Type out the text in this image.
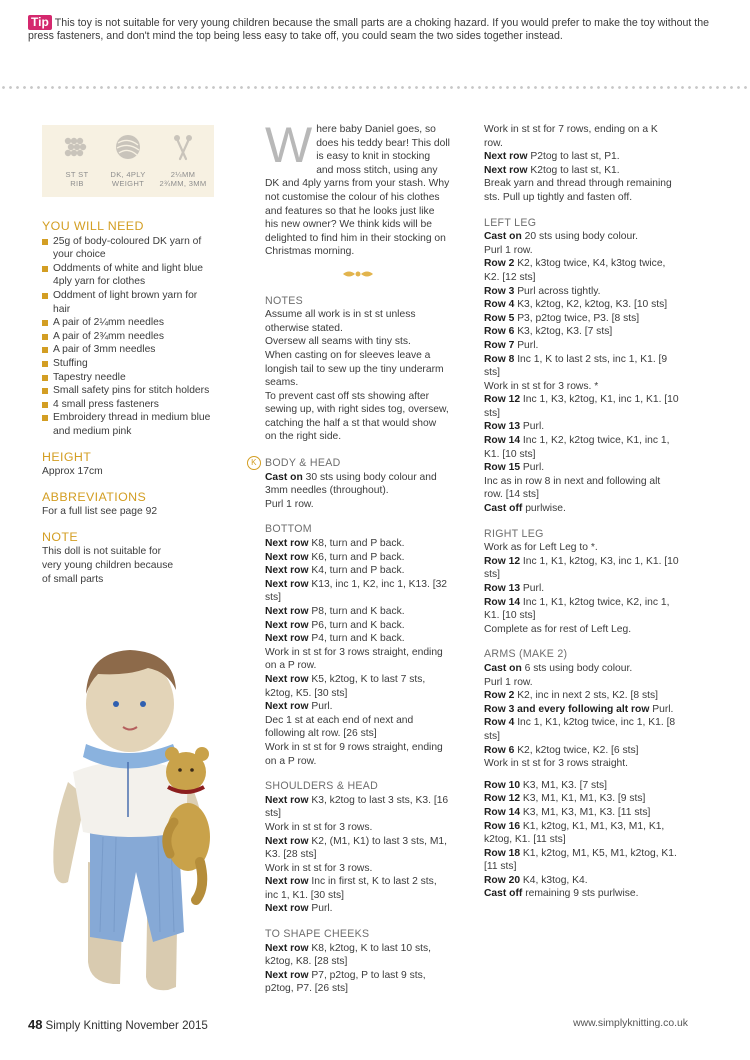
Tip This toy is not suitable for very young children because the small parts are a choking hazard. If you would prefer to make the toy without the press fasteners, and don't mind the top being less easy to take off, you could seam the two sides together instead.
ST ST
RIB
DK, 4PLY
WEIGHT
2¼MM
2¾MM, 3MM
YOU WILL NEED
25g of body-coloured DK yarn of your choice
Oddments of white and light blue 4ply yarn for clothes
Oddment of light brown yarn for hair
A pair of 2¼mm needles
A pair of 2¾mm needles
A pair of 3mm needles
Stuffing
Tapestry needle
Small safety pins for stitch holders
4 small press fasteners
Embroidery thread in medium blue and medium pink
HEIGHT
Approx 17cm
ABBREVIATIONS
For a full list see page 92
NOTE
This doll is not suitable for very young children because of small parts
Where baby Daniel goes, so does his teddy bear! This doll is easy to knit in stocking and moss stitch, using any DK and 4ply yarns from your stash. Why not customise the colour of his clothes and features so that he looks just like his new owner? We think kids will be delighted to find him in their stocking on Christmas morning.
NOTES
Assume all work is in st st unless otherwise stated.
Oversew all seams with tiny sts.
When casting on for sleeves leave a longish tail to sew up the tiny underarm seams.
To prevent cast off sts showing after sewing up, with right sides tog, oversew, catching the half a st that would show on the right side.
K BODY & HEAD
Cast on 30 sts using body colour and 3mm needles (throughout).
Purl 1 row.
BOTTOM
Next row K8, turn and P back.
Next row K6, turn and P back.
Next row K4, turn and P back.
Next row K13, inc 1, K2, inc 1, K13. [32 sts]
Next row P8, turn and K back.
Next row P6, turn and K back.
Next row P4, turn and K back.
Work in st st for 3 rows straight, ending on a P row.
Next row K5, k2tog, K to last 7 sts, k2tog, K5. [30 sts]
Next row Purl.
Dec 1 st at each end of next and following alt row. [26 sts]
Work in st st for 9 rows straight, ending on a P row.
SHOULDERS & HEAD
Next row K3, k2tog to last 3 sts, K3. [16 sts]
Work in st st for 3 rows.
Next row K2, (M1, K1) to last 3 sts, M1, K3. [28 sts]
Work in st st for 3 rows.
Next row Inc in first st, K to last 2 sts, inc 1, K1. [30 sts]
Next row Purl.
TO SHAPE CHEEKS
Next row K8, k2tog, K to last 10 sts, k2tog, K8. [28 sts]
Next row P7, p2tog, P to last 9 sts, p2tog, P7. [26 sts]
Work in st st for 7 rows, ending on a K row.
Next row P2tog to last st, P1.
Next row K2tog to last st, K1.
Break yarn and thread through remaining sts. Pull up tightly and fasten off.
LEFT LEG
Cast on 20 sts using body colour.
Purl 1 row.
Row 2 K2, k3tog twice, K4, k3tog twice, K2. [12 sts]
Row 3 Purl across tightly.
Row 4 K3, k2tog, K2, k2tog, K3. [10 sts]
Row 5 P3, p2tog twice, P3. [8 sts]
Row 6 K3, k2tog, K3. [7 sts]
Row 7 Purl.
Row 8 Inc 1, K to last 2 sts, inc 1, K1. [9 sts]
Work in st st for 3 rows. *
Row 12 Inc 1, K3, k2tog, K1, inc 1, K1. [10 sts]
Row 13 Purl.
Row 14 Inc 1, K2, k2tog twice, K1, inc 1, K1. [10 sts]
Row 15 Purl.
Inc as in row 8 in next and following alt row. [14 sts]
Cast off purlwise.
RIGHT LEG
Work as for Left Leg to *.
Row 12 Inc 1, K1, k2tog, K3, inc 1, K1. [10 sts]
Row 13 Purl.
Row 14 Inc 1, K1, k2tog twice, K2, inc 1, K1. [10 sts]
Complete as for rest of Left Leg.
ARMS (MAKE 2)
Cast on 6 sts using body colour.
Purl 1 row.
Row 2 K2, inc in next 2 sts, K2. [8 sts]
Row 3 and every following alt row Purl.
Row 4 Inc 1, K1, k2tog twice, inc 1, K1. [8 sts]
Row 6 K2, k2tog twice, K2. [6 sts]
Work in st st for 3 rows straight.
Row 10 K3, M1, K3. [7 sts]
Row 12 K3, M1, K1, M1, K3. [9 sts]
Row 14 K3, M1, K3, M1, K3. [11 sts]
Row 16 K1, k2tog, K1, M1, K3, M1, K1, k2tog, K1. [11 sts]
Row 18 K1, k2tog, M1, K5, M1, k2tog, K1. [11 sts]
Row 20 K4, k3tog, K4.
Cast off remaining 9 sts purlwise.
48 Simply Knitting November 2015	www.simplyknitting.co.uk
